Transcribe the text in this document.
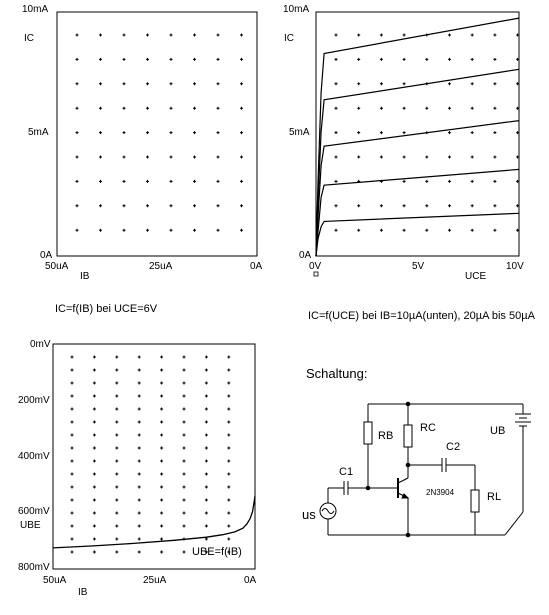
10mA
5mA
0A
IC
50uA	25uA	0A
IB
IC=f(IB) bei UCE=6V
10mA
5mA
0A
IC
0V	5V	10V
UCE
IC=f(UCE) bei IB=10µA(unten), 20µA bis 50µA
0mV
200mV
400mV
600mV
800mV
UBE
50uA	25uA	0A
IB
UBE=f(IB)
Schaltung:
RB
RC
C2
UB
C1
2N3904	RL
us
